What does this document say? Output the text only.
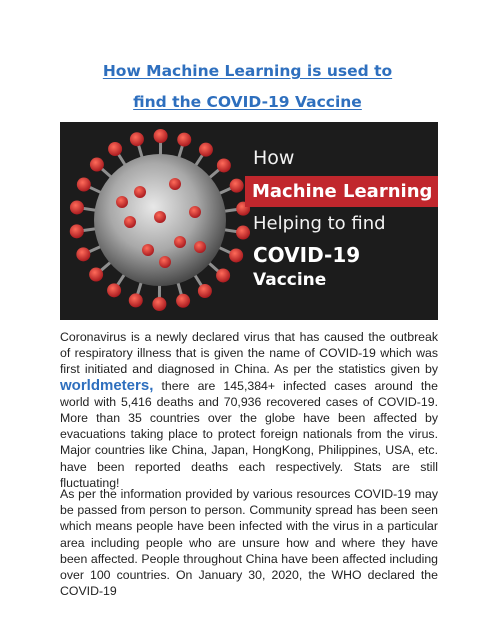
How Machine Learning is used to
find the COVID-19 Vaccine
How
Machine Learning
Helping to find
COVID-19
Vaccine

Coronavirus is a newly declared virus that has caused the outbreak of respiratory illness that is given the name of COVID-19 which was first initiated and diagnosed in China. As per the statistics given by worldmeters, there are 145,384+ infected cases around the world with 5,416 deaths and 70,936 recovered cases of COVID-19. More than 35 countries over the globe have been affected by evacuations taking place to protect foreign nationals from the virus. Major countries like China, Japan, HongKong, Philippines, USA, etc. have been reported deaths each respectively. Stats are still fluctuating!

As per the information provided by various resources COVID-19 may be passed from person to person. Community spread has been seen which means people have been infected with the virus in a particular area including people who are unsure how and where they have been affected. People throughout China have been affected including over 100 countries. On January 30, 2020, the WHO declared the COVID-19
